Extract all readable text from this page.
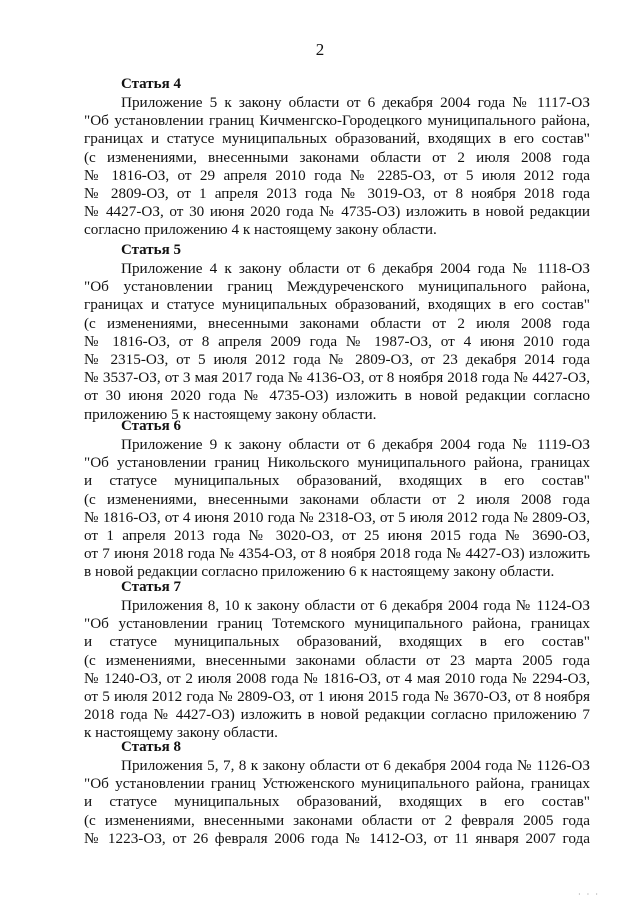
2
Статья 4
Приложение 5 к закону области от 6 декабря 2004 года № 1117-ОЗ
"Об установлении границ Кичменгско-Городецкого муниципального района,
границах и статусе муниципальных образований, входящих в его состав"
(с изменениями, внесенными законами области от 2 июля 2008 года
№ 1816-ОЗ, от 29 апреля 2010 года № 2285-ОЗ, от 5 июля 2012 года
№ 2809-ОЗ, от 1 апреля 2013 года № 3019-ОЗ, от 8 ноября 2018 года
№ 4427-ОЗ, от 30 июня 2020 года № 4735-ОЗ) изложить в новой редакции
согласно приложению 4 к настоящему закону области.
Статья 5
Приложение 4 к закону области от 6 декабря 2004 года № 1118-ОЗ
"Об установлении границ Междуреченского муниципального района,
границах и статусе муниципальных образований, входящих в его состав"
(с изменениями, внесенными законами области от 2 июля 2008 года
№ 1816-ОЗ, от 8 апреля 2009 года № 1987-ОЗ, от 4 июня 2010 года
№ 2315-ОЗ, от 5 июля 2012 года № 2809-ОЗ, от 23 декабря 2014 года
№ 3537-ОЗ, от 3 мая 2017 года № 4136-ОЗ, от 8 ноября 2018 года № 4427-ОЗ,
от 30 июня 2020 года № 4735-ОЗ) изложить в новой редакции согласно
приложению 5 к настоящему закону области.
Статья 6
Приложение 9 к закону области от 6 декабря 2004 года № 1119-ОЗ
"Об установлении границ Никольского муниципального района, границах
и статусе муниципальных образований, входящих в его состав"
(с изменениями, внесенными законами области от 2 июля 2008 года
№ 1816-ОЗ, от 4 июня 2010 года № 2318-ОЗ, от 5 июля 2012 года № 2809-ОЗ,
от 1 апреля 2013 года № 3020-ОЗ, от 25 июня 2015 года № 3690-ОЗ,
от 7 июня 2018 года № 4354-ОЗ, от 8 ноября 2018 года № 4427-ОЗ) изложить
в новой редакции согласно приложению 6 к настоящему закону области.
Статья 7
Приложения 8, 10 к закону области от 6 декабря 2004 года № 1124-ОЗ
"Об установлении границ Тотемского муниципального района, границах
и статусе муниципальных образований, входящих в его состав"
(с изменениями, внесенными законами области от 23 марта 2005 года
№ 1240-ОЗ, от 2 июля 2008 года № 1816-ОЗ, от 4 мая 2010 года № 2294-ОЗ,
от 5 июля 2012 года № 2809-ОЗ, от 1 июня 2015 года № 3670-ОЗ, от 8 ноября
2018 года № 4427-ОЗ) изложить в новой редакции согласно приложению 7
к настоящему закону области.
Статья 8
Приложения 5, 7, 8 к закону области от 6 декабря 2004 года № 1126-ОЗ
"Об установлении границ Устюженского муниципального района, границах
и статусе муниципальных образований, входящих в его состав"
(с изменениями, внесенными законами области от 2 февраля 2005 года
№ 1223-ОЗ, от 26 февраля 2006 года № 1412-ОЗ, от 11 января 2007 года
· · ·
